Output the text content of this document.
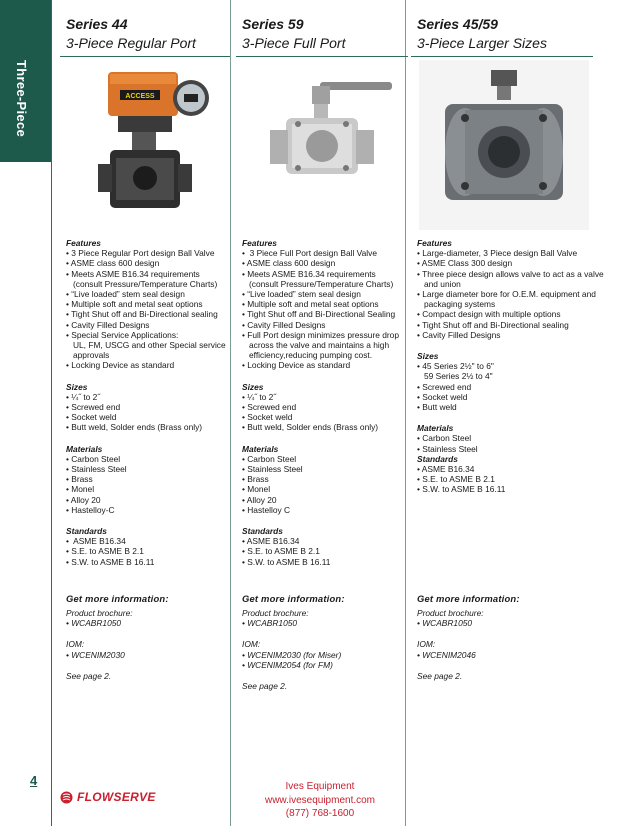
Three-Piece
4
FLOWSERVE
Ives Equipment
www.ivesequipment.com
(877) 768-1600
Series 44
3-Piece Regular Port
ACCESS
Features
• 3 Piece Regular Port design Ball Valve
• ASME class 600 design
• Meets ASME B16.34 requirements
(consult Pressure/Temperature Charts)
• “Live loaded” stem seal design
• Multiple soft and metal seat options
• Tight Shut off and Bi-Directional sealing
• Cavity Filled Designs
• Special Service Applications:
UL, FM, USCG and other Special service
approvals
• Locking Device as standard
Sizes
• ¼˝ to 2˝
• Screwed end
• Socket weld
• Butt weld, Solder ends (Brass only)
Materials
• Carbon Steel
• Stainless Steel
• Brass
• Monel
• Alloy 20
• Hastelloy-C
Standards
•  ASME B16.34
• S.E. to ASME B 2.1
• S.W. to ASME B 16.11
Get more information:
Product brochure:
• WCABR1050
IOM:
• WCENIM2030
See page 2.
Series 59
3-Piece Full Port
Features
•  3 Piece Full Port design Ball Valve
• ASME class 600 design
• Meets ASME B16.34 requirements
(consult Pressure/Temperature Charts)
• “Live loaded” stem seal design
• Multiple soft and metal seat options
• Tight Shut off and Bi-Directional Sealing
• Cavity Filled Designs
• Full Port design minimizes pressure drop
across the valve and maintains a high
efficiency,reducing pumping cost.
• Locking Device as standard
Sizes
• ¼˝ to 2˝
• Screwed end
• Socket weld
• Butt weld, Solder ends (Brass only)
Materials
• Carbon Steel
• Stainless Steel
• Brass
• Monel
• Alloy 20
• Hastelloy C
Standards
• ASME B16.34
• S.E. to ASME B 2.1
• S.W. to ASME B 16.11
Get more information:
Product brochure:
• WCABR1050
IOM:
• WCENIM2030 (for Miser)
• WCENIM2054 (for FM)
See page 2.
Series 45/59
3-Piece Larger Sizes
Features
• Large-diameter, 3 Piece design Ball Valve
• ASME Class 300 design
• Three piece design allows valve to act as a valve
and union
• Large diameter bore for O.E.M. equipment and
packaging systems
• Compact design with multiple options
• Tight Shut off and Bi-Directional sealing
• Cavity Filled Designs
Sizes
• 45 Series 2½" to 6"
59 Series 2½ to 4"
• Screwed end
• Socket weld
• Butt weld
Materials
• Carbon Steel
• Stainless Steel
Standards
• ASME B16.34
• S.E. to ASME B 2.1
• S.W. to ASME B 16.11
Get more information:
Product brochure:
• WCABR1050
IOM:
• WCENIM2046
See page 2.
